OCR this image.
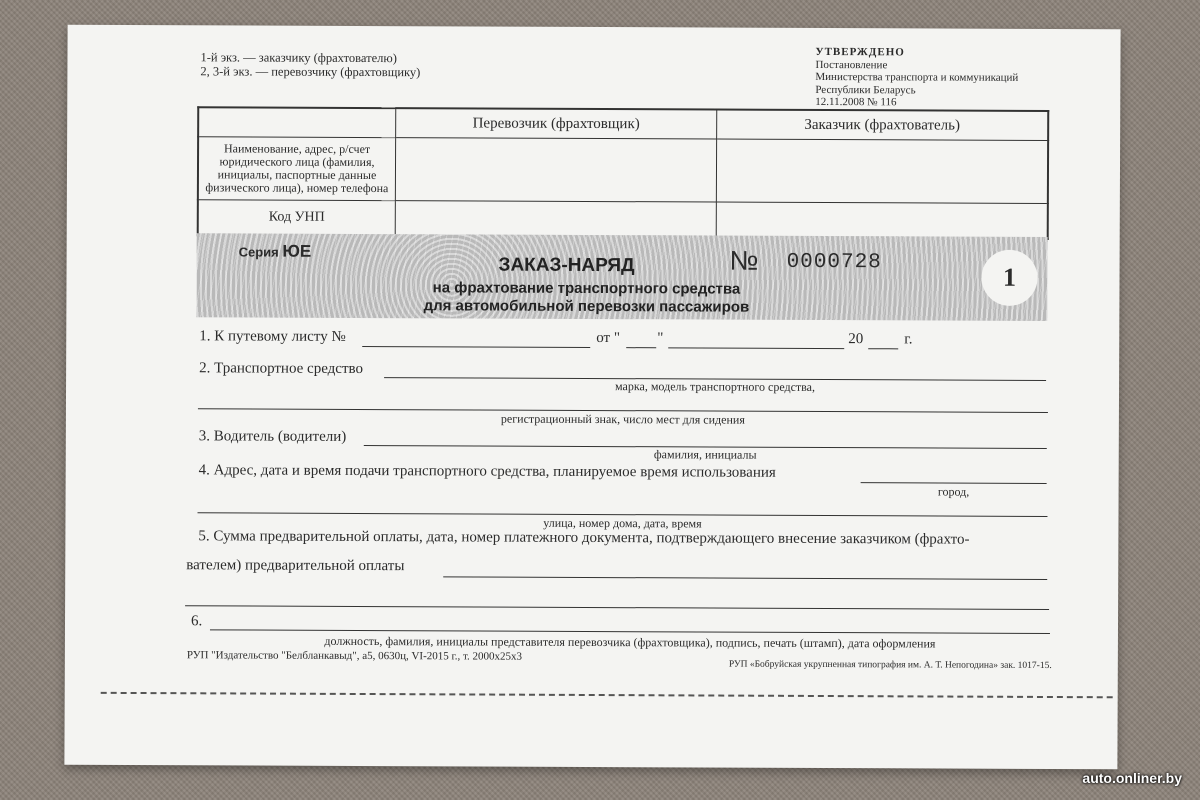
1-й экз. — заказчику (фрахтователю)
2, 3-й экз. — перевозчику (фрахтовщику)
УТВЕРЖДЕНО
Постановление
Министерства транспорта и коммуникаций
Республики Беларусь
12.11.2008 № 116
	Перевозчик (фрахтовщик)	Заказчик (фрахтователь)
Наименование, адрес, р/счет юридического лица (фамилия, инициалы, паспортные данные физического лица), номер телефона		
Код УНП		
Серия ЮЕ
ЗАКАЗ-НАРЯД
на фрахтование транспортного средства
для автомобильной перевозки пассажиров
№ 0000728
1
1. К путевому листу №	от " "	20	г.
2. Транспортное средство
марка, модель транспортного средства,
регистрационный знак, число мест для сидения
3. Водитель (водители)
фамилия, инициалы
4. Адрес, дата и время подачи транспортного средства, планируемое время использования
город,
улица, номер дома, дата, время
5. Сумма предварительной оплаты, дата, номер платежного документа, подтверждающего внесение заказчиком (фрахто-
вателем) предварительной оплаты
6.
должность, фамилия, инициалы представителя перевозчика (фрахтовщика), подпись, печать (штамп), дата оформления
РУП "Издательство "Белбланкавыд", а5, 0630ц, VI-2015 г., т. 2000х25х3
РУП «Бобруйская укрупненная типография им. А. Т. Непогодина» зак. 1017-15.
auto.onliner.by
